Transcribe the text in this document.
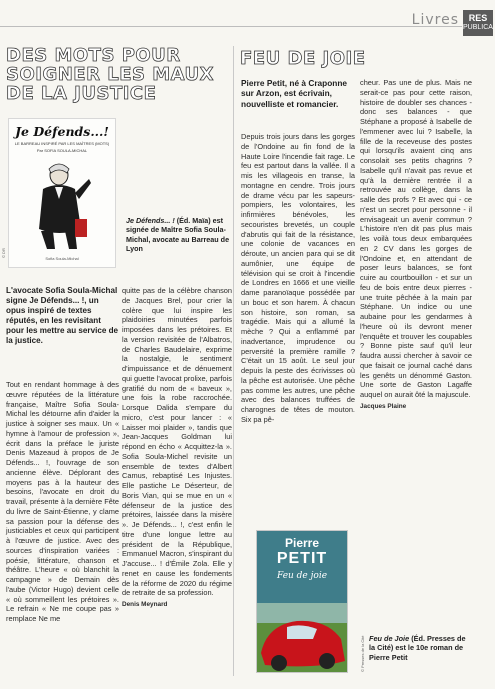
Livres	RES
PUBLICA
DES MOTS POUR SOIGNER LES MAUX DE LA JUSTICE
FEU DE JOIE
Je Défends...!
LE BARREAU INSPIRÉ PAR LES MAÎTRES (MOTS)
Par SOFIA SOULA-MICHAL
Sofia Soula-Michal
© DR
Je Défends... ! (Éd. Maïa) est signée de Maître Sofia Soula-Michal, avocate au Barreau de Lyon
L'avocate Sofia Soula-Michal signe Je Défends... !, un opus inspiré de textes réputés, en les revisitant pour les mettre au service de la justice.

Tout en rendant hommage à des œuvre réputées de la littérature française, Maître Sofia Soula-Michal les détourne afin d'aider la justice à soigner ses maux. Un « hymne à l'amour de profession », écrit dans la préface le juriste Denis Mazeaud à propos de Je Défends... !, l'ouvrage de son ancienne élève. Déplorant des moyens pas à la hauteur des besoins, l'avocate en droit du travail, présente à la dernière Fête du livre de Saint-Étienne, y clame sa passion pour la défense des justiciables et ceux qui participent à l'œuvre de justice. Avec des sources d'inspiration variées : poésie, littérature, chanson et théâtre. L'heure « où blanchit la campagne » de Demain dès l'aube (Victor Hugo) devient celle « où sommeillent les prétoires ». Le refrain « Ne me coupe pas » remplace Ne me

quitte pas de la célèbre chanson de Jacques Brel, pour crier la colère que lui inspire les plaidoiries minutées parfois imposées dans les prétoires. Et la version revisitée de l'Albatros, de Charles Baudelaire, exprime la nostalgie, le sentiment d'impuissance et de dénuement qui guette l'avocat prolixe, parfois gratifié du nom de « baveux », une fois la robe raccrochée. Lorsque Dalida s'empare du micro, c'est pour lancer : « Laisser moi plaider », tandis que Jean-Jacques Goldman lui répond en écho « Acquittez-la ». Sofia Soula-Michel revisite un ensemble de textes d'Albert Camus, rebaptisé Les Injustes. Elle pastiche Le Déserteur, de Boris Vian, qui se mue en un « défenseur de la justice des prétoires, laissée dans la misère ». Je Défends... !, c'est enfin le titre d'une longue lettre au président de la République, Emmanuel Macron, s'inspirant du J'accuse... ! d'Émile Zola. Elle y renet en cause les fondements de la réforme de 2020 du régime de retraite de sa profession.

Denis Meynard
Pierre Petit, né à Craponne sur Arzon, est écrivain, nouvelliste et romancier.

Depuis trois jours dans les gorges de l'Ondoine au fin fond de la Haute Loire l'incendie fait rage. Le feu est partout dans la vallée. Il a mis les villageois en transe, la montagne en cendre. Trois jours de drame vécu par les sapeurs-pompiers, les volontaires, les infirmières bénévoles, les secouristes brevetés, un couple d'abrutis qui fait de la résistance, une colonie de vacances en déroute, un ancien para qui se dit aumônier, une équipe de télévision qui se croit à l'incendie de Londres en 1666 et une vieille dame paranoïaque possédée par un bouc et son harem. À chacun son histoire, son roman, sa tragédie. Mais qui a allumé la mèche ? Qui a enflammé par inadvertance, imprudence ou perversité la première ramille ? C'était un 15 août. Le seul jour depuis la peste des écrivisses où la pêche est autorisée. Une pêche pas comme les autres, une pêche avec des balances truffées de charognes de têtes de mouton. Six pa pê-

cheur. Pas une de plus. Mais ne serait-ce pas pour cette raison, histoire de doubler ses chances - donc ses balances - que Stéphane a proposé à Isabelle de l'emmener avec lui ? Isabelle, la fille de la receveuse des postes qui lorsqu'ils avaient cinq ans consolait ses petits chagrins ? Isabelle qu'il n'avait pas revue et qu'à la dernière rentrée il a retrouvée au collège, dans la salle des profs ? Et avec qui - ce n'est un secret pour personne - il envisageait un avenir commun ? L'histoire n'en dit pas plus mais les voilà tous deux embarquées en 2 CV dans les gorges de l'Ondoine et, en attendant de poser leurs balances, se font cuire au courtbouillon - et sur un feu de bois entre deux pierres - une truite pêchée à la main par Stéphane. Un indice ou une aubaine pour les gendarmes à l'heure où ils devront mener l'enquête et trouver les coupables ? Bonne piste sauf qu'il leur faudra aussi chercher à savoir ce que faisait ce journal caché dans les genêts un dénommé Gaston. Une sorte de Gaston Lagaffe auquel on aurait ôté la majuscule.

Jacques Plaine
Pierre
PETIT
Feu de joie
© Presses de la Cité Feu de Joie (Éd. Presses de la Cité) est le 10e roman de Pierre Petit
